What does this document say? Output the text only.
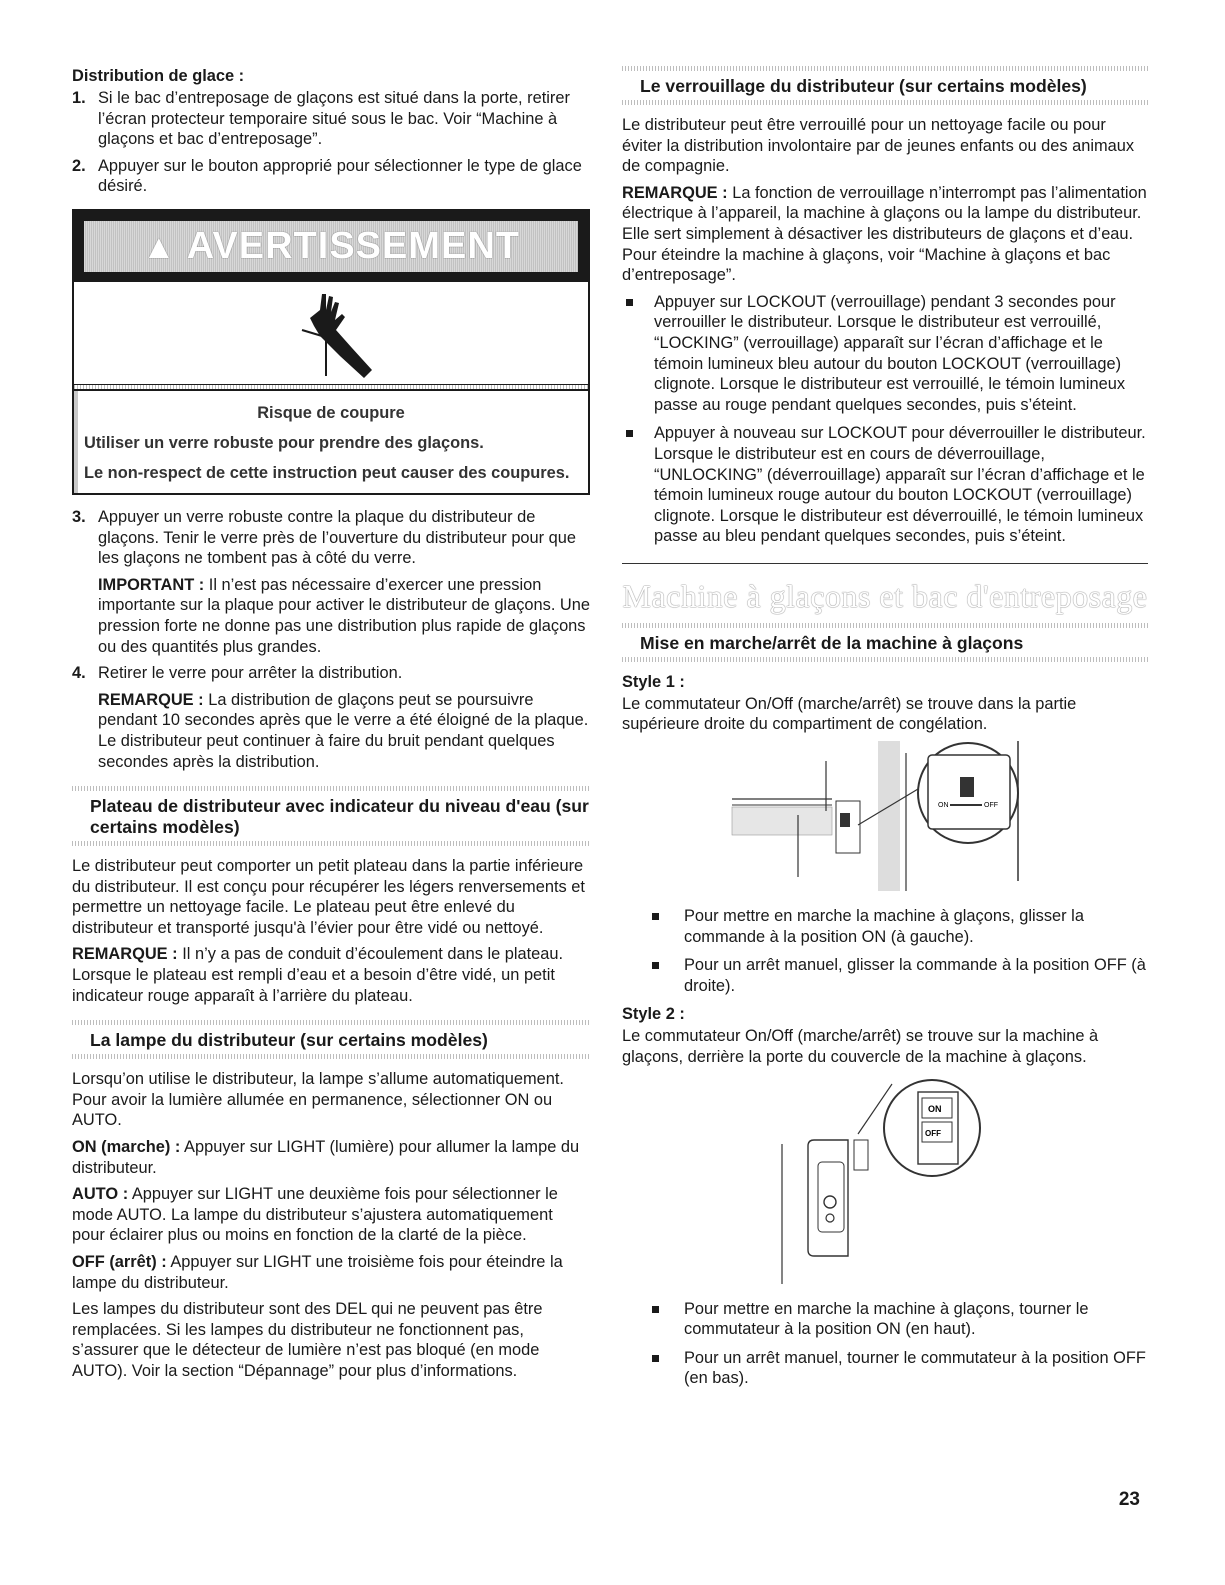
Distribution de glace :
1. Si le bac d’entreposage de glaçons est situé dans la porte, retirer l’écran protecteur temporaire situé sous le bac. Voir “Machine à glaçons et bac d’entreposage”.
2. Appuyer sur le bouton approprié pour sélectionner le type de glace désiré.
▲ AVERTISSEMENT

Risque de coupure

Utiliser un verre robuste pour prendre des glaçons.

Le non-respect de cette instruction peut causer des coupures.

3. Appuyer un verre robuste contre la plaque du distributeur de glaçons. Tenir le verre près de l’ouverture du distributeur pour que les glaçons ne tombent pas à côté du verre.

IMPORTANT : Il n’est pas nécessaire d’exercer une pression importante sur la plaque pour activer le distributeur de glaçons. Une pression forte ne donne pas une distribution plus rapide de glaçons ou des quantités plus grandes.

4. Retirer le verre pour arrêter la distribution.

REMARQUE : La distribution de glaçons peut se poursuivre pendant 10 secondes après que le verre a été éloigné de la plaque. Le distributeur peut continuer à faire du bruit pendant quelques secondes après la distribution.

Plateau de distributeur avec indicateur du niveau d'eau (sur certains modèles)

Le distributeur peut comporter un petit plateau dans la partie inférieure du distributeur. Il est conçu pour récupérer les légers renversements et permettre un nettoyage facile. Le plateau peut être enlevé du distributeur et transporté jusqu'à l’évier pour être vidé ou nettoyé.

REMARQUE : Il n’y a pas de conduit d’écoulement dans le plateau. Lorsque le plateau est rempli d’eau et a besoin d’être vidé, un petit indicateur rouge apparaît à l’arrière du plateau.

La lampe du distributeur (sur certains modèles)

Lorsqu’on utilise le distributeur, la lampe s’allume automatiquement. Pour avoir la lumière allumée en permanence, sélectionner ON ou AUTO.

ON (marche) : Appuyer sur LIGHT (lumière) pour allumer la lampe du distributeur.

AUTO : Appuyer sur LIGHT une deuxième fois pour sélectionner le mode AUTO. La lampe du distributeur s’ajustera automatiquement pour éclairer plus ou moins en fonction de la clarté de la pièce.

OFF (arrêt) : Appuyer sur LIGHT une troisième fois pour éteindre la lampe du distributeur.

Les lampes du distributeur sont des DEL qui ne peuvent pas être remplacées. Si les lampes du distributeur ne fonctionnent pas, s’assurer que le détecteur de lumière n’est pas bloqué (en mode AUTO). Voir la section “Dépannage” pour plus d’informations.

Le verrouillage du distributeur (sur certains modèles)

Le distributeur peut être verrouillé pour un nettoyage facile ou pour éviter la distribution involontaire par de jeunes enfants ou des animaux de compagnie.

REMARQUE : La fonction de verrouillage n’interrompt pas l’alimentation électrique à l’appareil, la machine à glaçons ou la lampe du distributeur. Elle sert simplement à désactiver les distributeurs de glaçons et d’eau. Pour éteindre la machine à glaçons, voir “Machine à glaçons et bac d’entreposage”.

Appuyer sur LOCKOUT (verrouillage) pendant 3 secondes pour verrouiller le distributeur. Lorsque le distributeur est verrouillé, “LOCKING” (verrouillage) apparaît sur l’écran d’affichage et le témoin lumineux bleu autour du bouton LOCKOUT (verrouillage) clignote. Lorsque le distributeur est verrouillé, le témoin lumineux passe au rouge pendant quelques secondes, puis s’éteint.
Appuyer à nouveau sur LOCKOUT pour déverrouiller le distributeur. Lorsque le distributeur est en cours de déverrouillage, “UNLOCKING” (déverrouillage) apparaît sur l’écran d’affichage et le témoin lumineux rouge autour du bouton LOCKOUT (verrouillage) clignote. Lorsque le distributeur est déverrouillé, le témoin lumineux passe au bleu pendant quelques secondes, puis s’éteint.
Machine à glaçons et bac d'entreposage
Mise en marche/arrêt de la machine à glaçons
Style 1 :

Le commutateur On/Off (marche/arrêt) se trouve dans la partie supérieure droite du compartiment de congélation.

ON	OFF
Pour mettre en marche la machine à glaçons, glisser la commande à la position ON (à gauche).
Pour un arrêt manuel, glisser la commande à la position OFF (à droite).
Style 2 :

Le commutateur On/Off (marche/arrêt) se trouve sur la machine à glaçons, derrière la porte du couvercle de la machine à glaçons.

ON
OFF
Pour mettre en marche la machine à glaçons, tourner le commutateur à la position ON (en haut).
Pour un arrêt manuel, tourner le commutateur à la position OFF (en bas).
23
